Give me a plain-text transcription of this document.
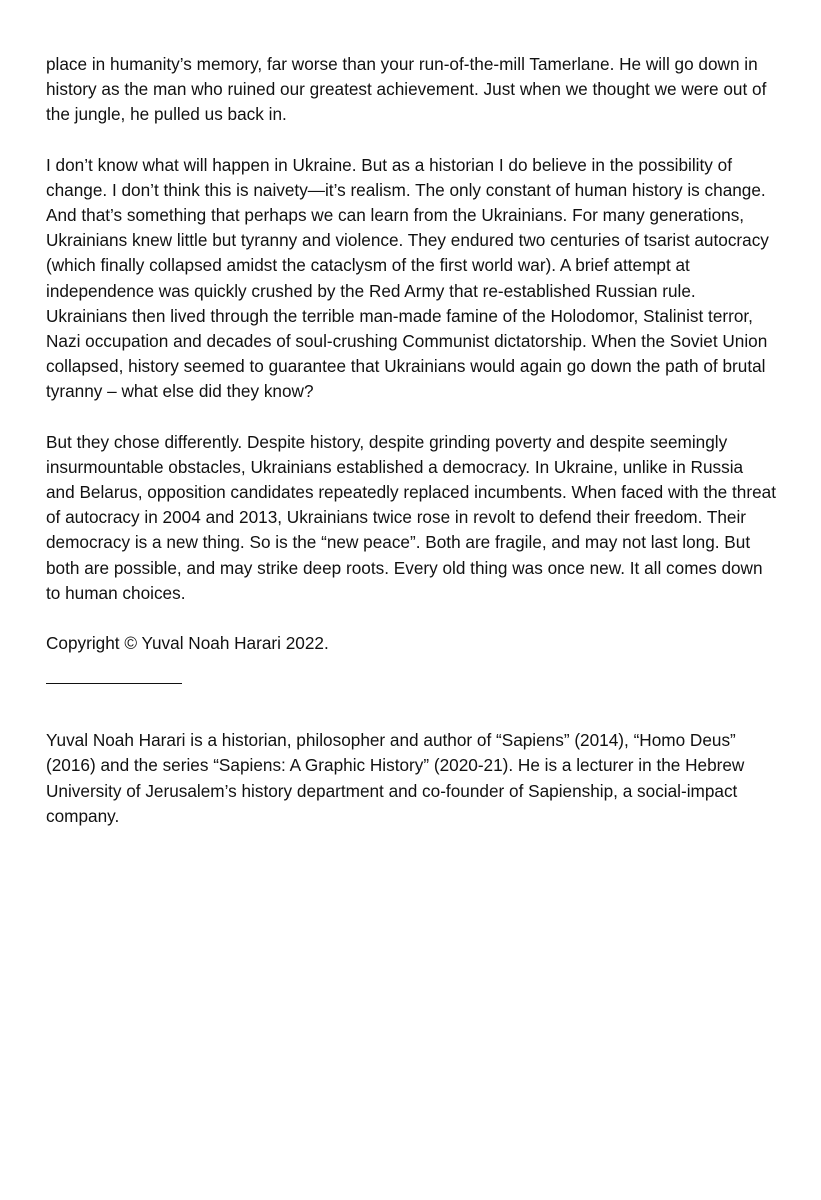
place in humanity’s memory, far worse than your run-of-the-mill Tamerlane. He will go down in history as the man who ruined our greatest achievement. Just when we thought we were out of the jungle, he pulled us back in.

I don’t know what will happen in Ukraine. But as a historian I do believe in the possibility of change. I don’t think this is naivety—it’s realism. The only constant of human history is change. And that’s something that perhaps we can learn from the Ukrainians. For many generations, Ukrainians knew little but tyranny and violence. They endured two centuries of tsarist autocracy (which finally collapsed amidst the cataclysm of the first world war). A brief attempt at independence was quickly crushed by the Red Army that re-established Russian rule. Ukrainians then lived through the terrible man-made famine of the Holodomor, Stalinist terror, Nazi occupation and decades of soul-crushing Communist dictatorship. When the Soviet Union collapsed, history seemed to guarantee that Ukrainians would again go down the path of brutal tyranny – what else did they know?

But they chose differently. Despite history, despite grinding poverty and despite seemingly insurmountable obstacles, Ukrainians established a democracy. In Ukraine, unlike in Russia and Belarus, opposition candidates repeatedly replaced incumbents. When faced with the threat of autocracy in 2004 and 2013, Ukrainians twice rose in revolt to defend their freedom. Their democracy is a new thing. So is the “new peace”. Both are fragile, and may not last long. But both are possible, and may strike deep roots. Every old thing was once new. It all comes down to human choices.

Copyright © Yuval Noah Harari 2022.

Yuval Noah Harari is a historian, philosopher and author of “Sapiens” (2014), “Homo Deus” (2016) and the series “Sapiens: A Graphic History” (2020-21). He is a lecturer in the Hebrew University of Jerusalem’s history department and co-founder of Sapienship, a social-impact company.
